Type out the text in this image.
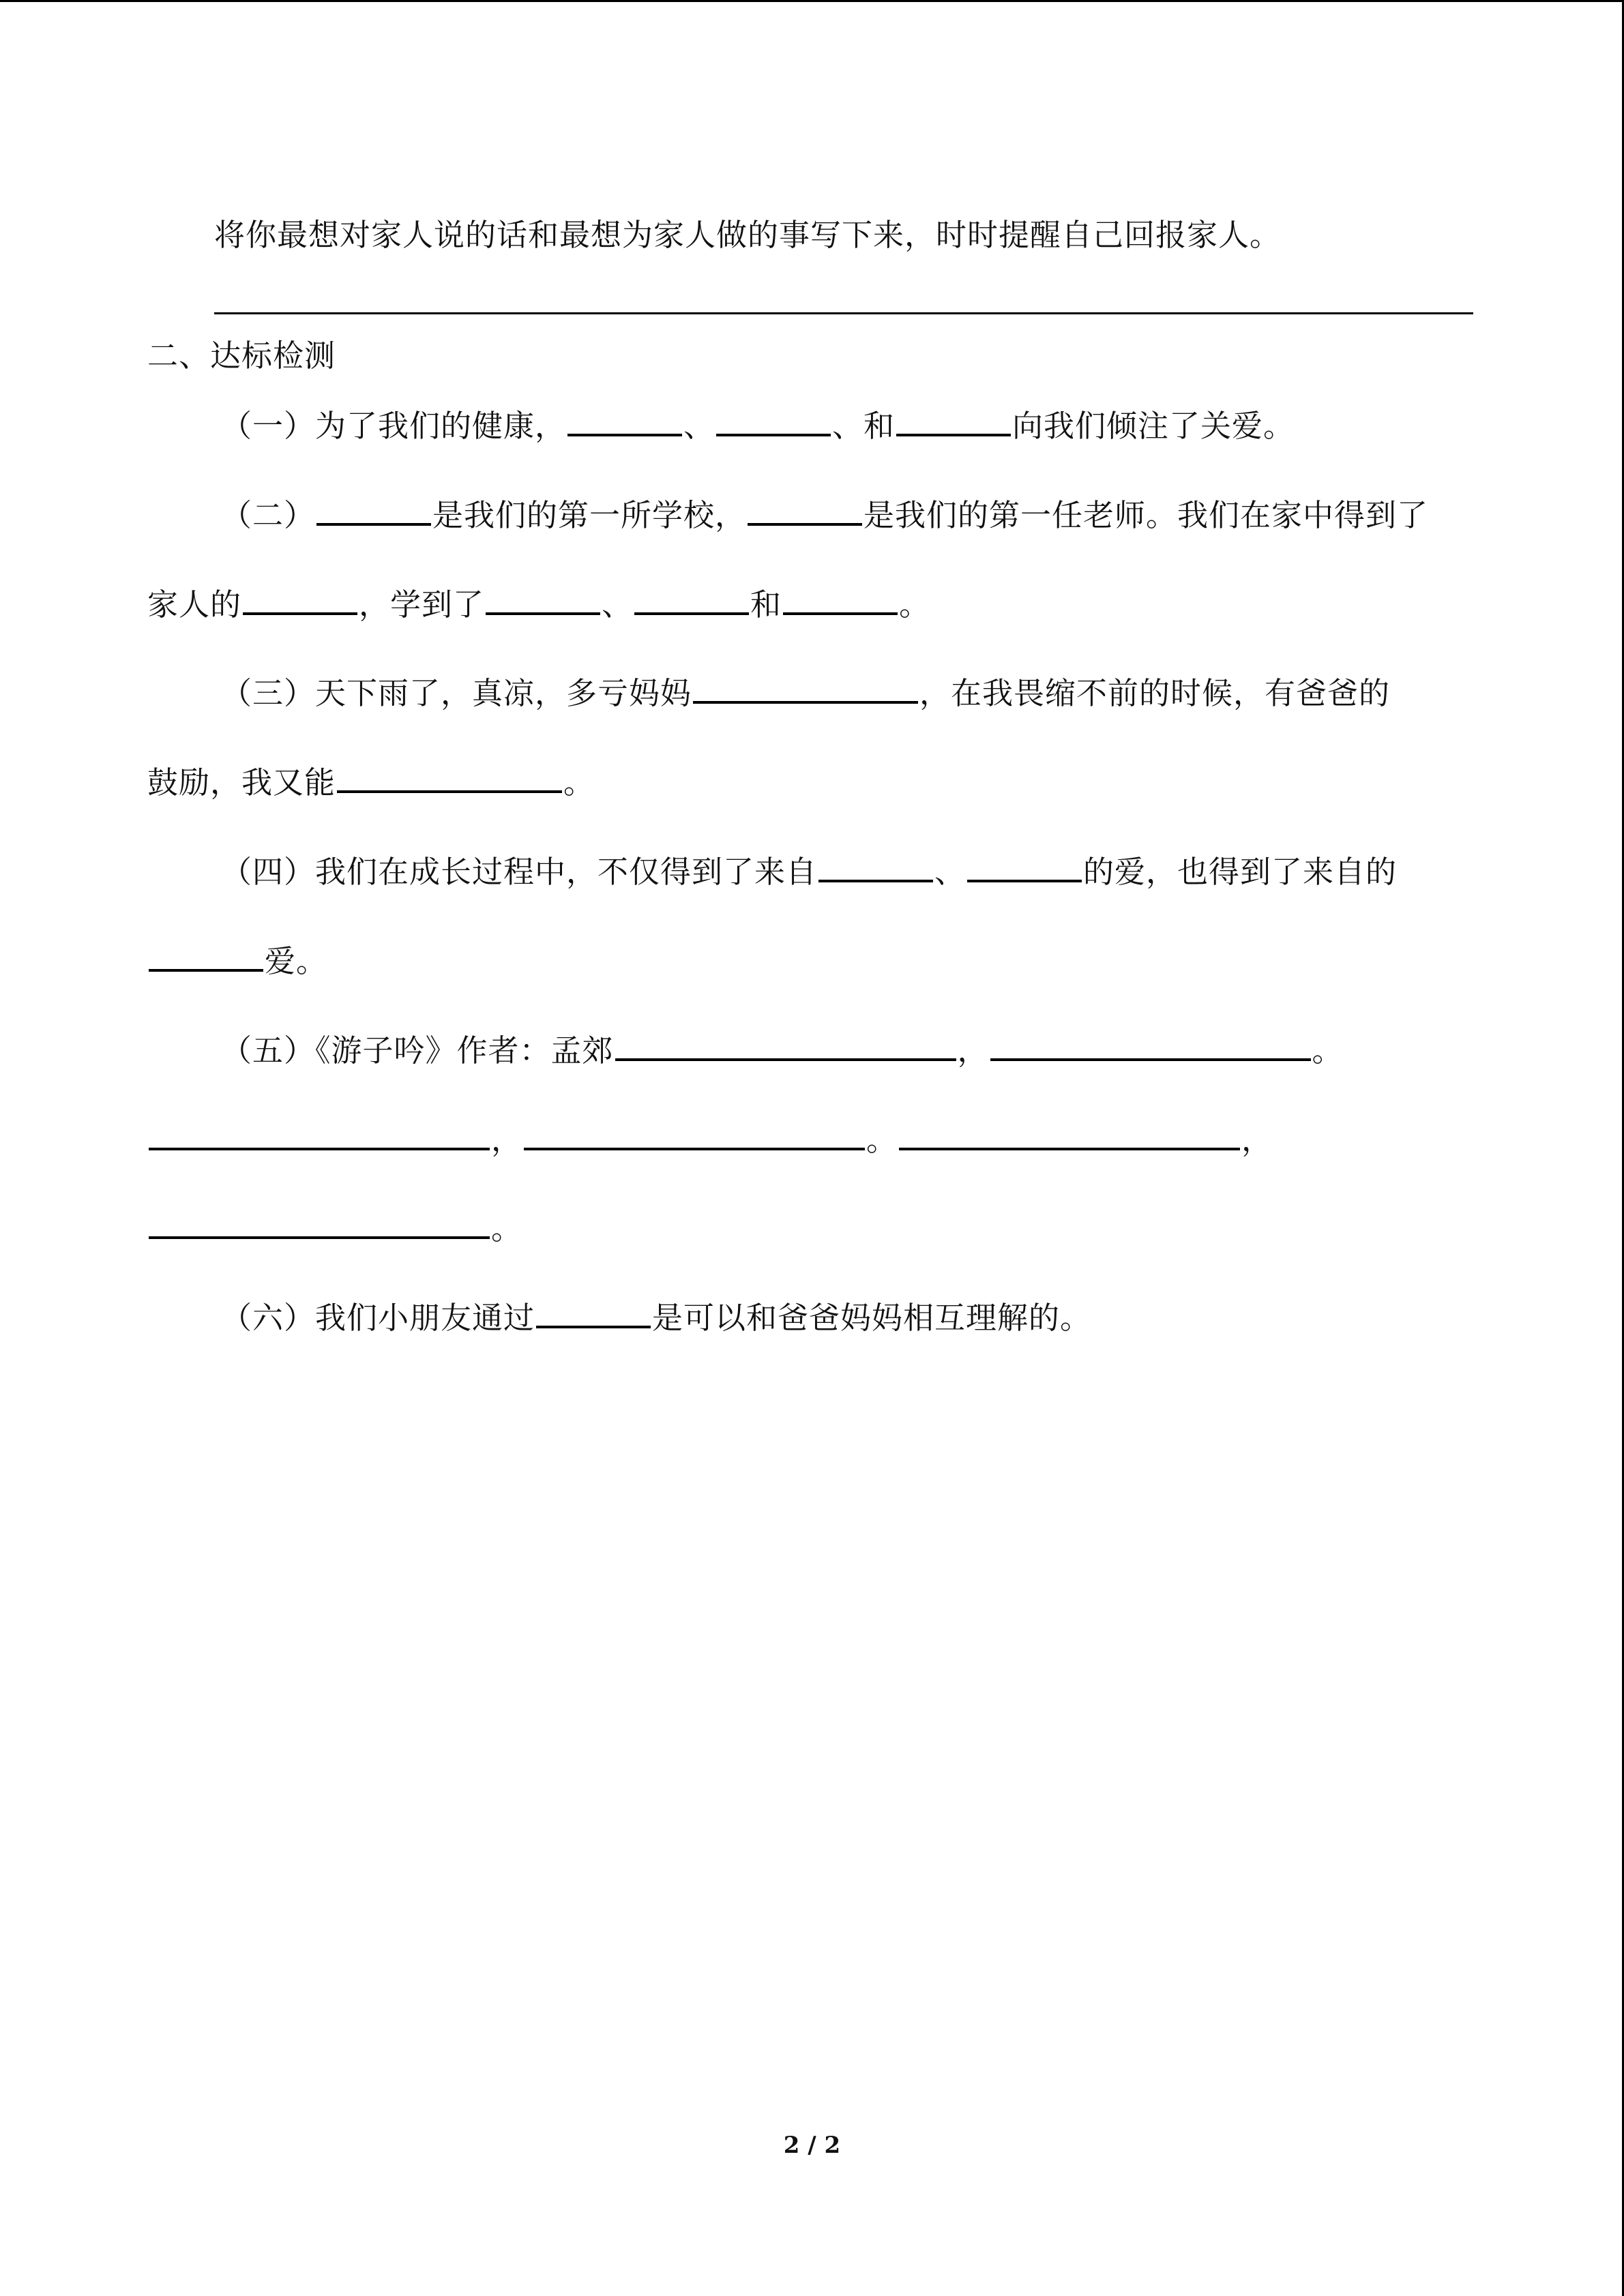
将你最想对家人说的话和最想为家人做的事写下来，时时提醒自己回报家人。
二、达标检测
（一）为了我们的健康，	、	、和	向我们倾注了关爱。
（二）	是我们的第一所学校，	是我们的第一任老师。我们在家中得到了
家人的	，学到了	、	和	。
（三）天下雨了，真凉，多亏妈妈	，在我畏缩不前的时候，有爸爸的
鼓励，我又能	。
（四）我们在成长过程中，不仅得到了来自	、	的爱，也得到了来自的
爱。
（五）《游子吟》作者：孟郊	，	。
，	。	，
。
（六）我们小朋友通过	是可以和爸爸妈妈相互理解的。
2 / 2
